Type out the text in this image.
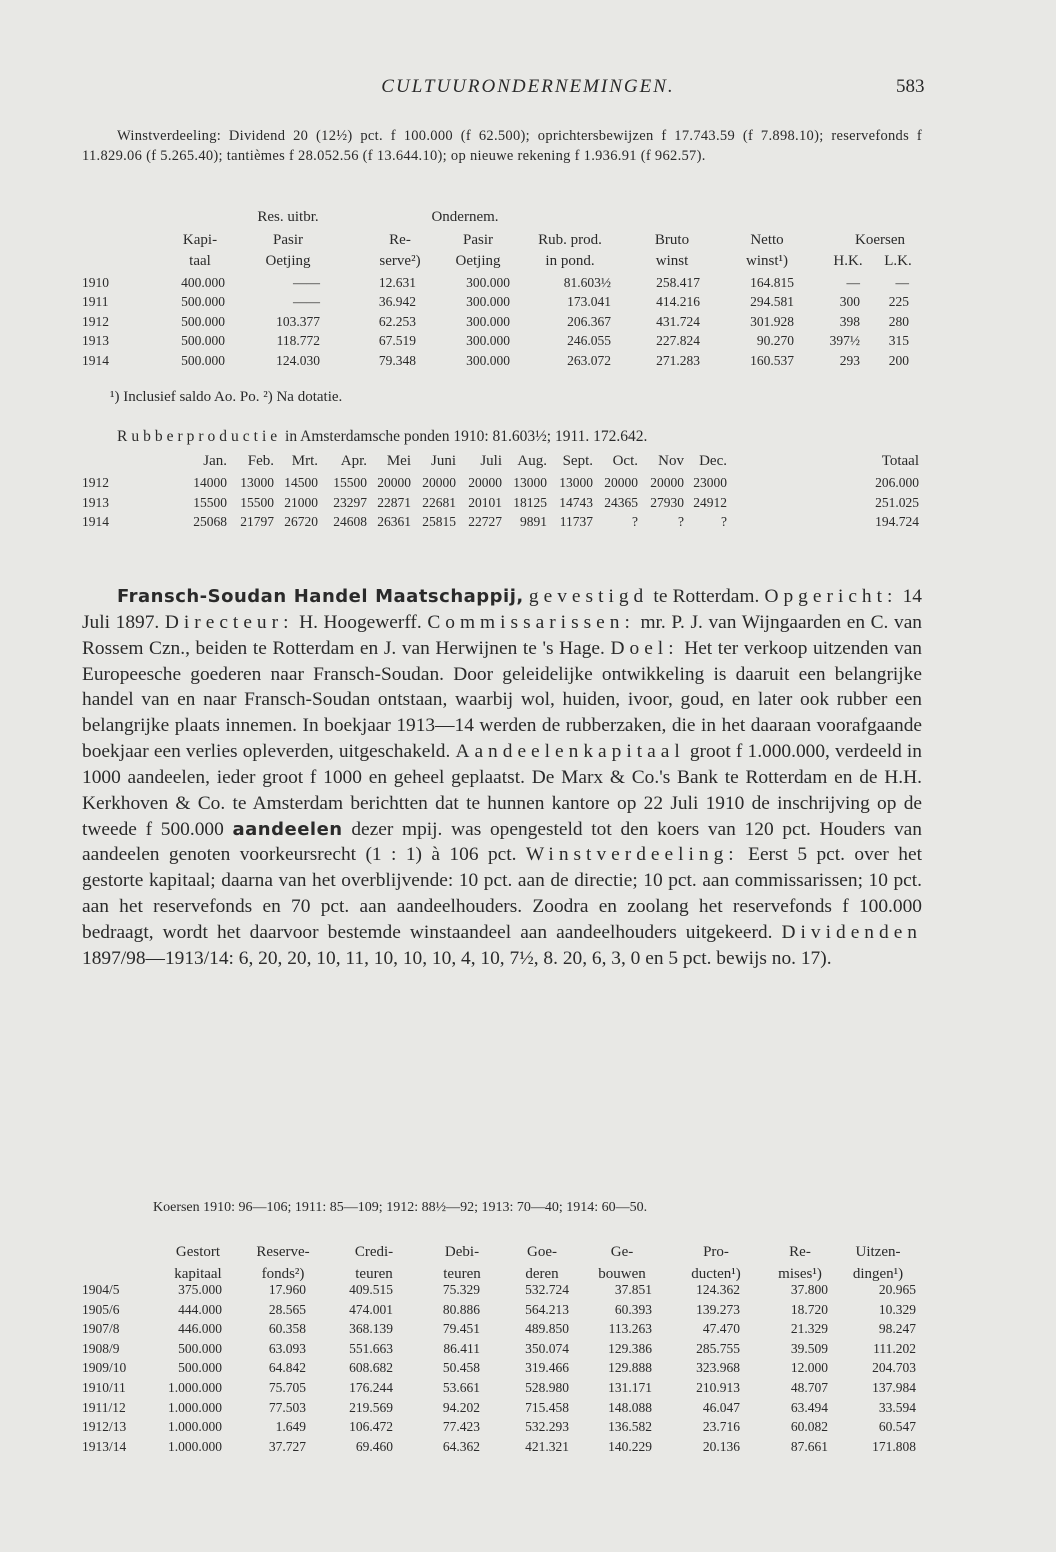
CULTUURONDERNEMINGEN.	583
Winstverdeeling: Dividend 20 (12½) pct. f 100.000 (f 62.500); oprichtersbewijzen f 17.743.59 (f 7.898.10); reservefonds f 11.829.06 (f 5.265.40); tantièmes f 28.052.56 (f 13.644.10); op nieuwe rekening f 1.936.91 (f 962.57).
Res. uitbr.	Ondernem.
Kapi-	Pasir	Re-	Pasir	Rub. prod.	Bruto	Netto	Koersen
taal	Oetjing	serve²)	Oetjing	in pond.	winst	winst¹)	H.K.	L.K.
1910	400.000	——	12.631	300.000	81.603½	258.417	164.815	—	—
1911	500.000	——	36.942	300.000	173.041	414.216	294.581	300 225
1912	500.000	103.377	62.253	300.000	206.367	431.724	301.928	398 280
1913	500.000	118.772	67.519	300.000	246.055	227.824	90.270	397½ 315
1914	500.000	124.030	79.348	300.000	263.072	271.283	160.537	293 200
¹) Inclusief saldo Ao. Po. ²) Na dotatie.
Rubberproductie in Amsterdamsche ponden 1910: 81.603½; 1911. 172.642.
Jan. Feb. Mrt. Apr. Mei Juni Juli Aug. Sept. Oct. Nov Dec.	Totaal
1912	14000 13000 14500 15500 20000 20000 20000 13000 13000 20000 20000 23000	206.000
1913	15500 15500 21000 23297 22871 22681 20101 18125 14743 24365 27930 24912	251.025
1914	25068 21797 26720 24608 26361 25815 22727 9891 11737	?	?	?	194.724
Fransch-Soudan Handel Maatschappij, gevestigd te Rotterdam. Opgericht: 14 Juli 1897. Directeur: H. Hoogewerff. Commissarissen: mr. P. J. van Wijngaarden en C. van Rossem Czn., beiden te Rotterdam en J. van Herwijnen te 's Hage. Doel: Het ter verkoop uitzenden van Europeesche goederen naar Fransch-Soudan. Door geleidelijke ontwikkeling is daaruit een belangrijke handel van en naar Fransch-Soudan ontstaan, waarbij wol, huiden, ivoor, goud, en later ook rubber een belangrijke plaats innemen. In boekjaar 1913—14 werden de rubberzaken, die in het daaraan voorafgaande boekjaar een verlies opleverden, uitgeschakeld. Aandeelenkapitaal groot f 1.000.000, verdeeld in 1000 aandeelen, ieder groot f 1000 en geheel geplaatst. De Marx & Co.'s Bank te Rotterdam en de H.H. Kerkhoven & Co. te Amsterdam berichtten dat te hunnen kantore op 22 Juli 1910 de inschrijving op de tweede f 500.000 aandeelen dezer mpij. was opengesteld tot den koers van 120 pct. Houders van aandeelen genoten voorkeursrecht (1 : 1) à 106 pct. Winstverdeeling: Eerst 5 pct. over het gestorte kapitaal; daarna van het overblijvende: 10 pct. aan de directie; 10 pct. aan commissarissen; 10 pct. aan het reservefonds en 70 pct. aan aandeelhouders. Zoodra en zoolang het reservefonds f 100.000 bedraagt, wordt het daarvoor bestemde winstaandeel aan aandeelhouders uitgekeerd. Dividenden 1897/98—1913/14: 6, 20, 20, 10, 11, 10, 10, 10, 4, 10, 7½, 8. 20, 6, 3, 0 en 5 pct. bewijs no. 17).
Koersen 1910: 96—106; 1911: 85—109; 1912: 88½—92; 1913: 70—40; 1914: 60—50.
Gestort	Reserve-	Credi-	Debi-	Goe-	Ge-	Pro-	Re-	Uitzen-
kapitaal	fonds²)	teuren	teuren	deren	bouwen	ducten¹)	mises¹)	dingen¹)
1904/5	375.000	17.960	409.515	75.329	532.724	37.851	124.362	37.800	20.965
1905/6	444.000	28.565	474.001	80.886	564.213	60.393	139.273	18.720	10.329
1907/8	446.000	60.358	368.139	79.451	489.850	113.263	47.470	21.329	98.247
1908/9	500.000	63.093	551.663	86.411	350.074	129.386	285.755	39.509	111.202
1909/10	500.000	64.842	608.682	50.458	319.466	129.888	323.968	12.000	204.703
1910/11	1.000.000	75.705	176.244	53.661	528.980	131.171	210.913	48.707	137.984
1911/12	1.000.000	77.503	219.569	94.202	715.458	148.088	46.047	63.494	33.594
1912/13	1.000.000	1.649	106.472	77.423	532.293	136.582	23.716	60.082	60.547
1913/14	1.000.000	37.727	69.460	64.362	421.321	140.229	20.136	87.661	171.808
